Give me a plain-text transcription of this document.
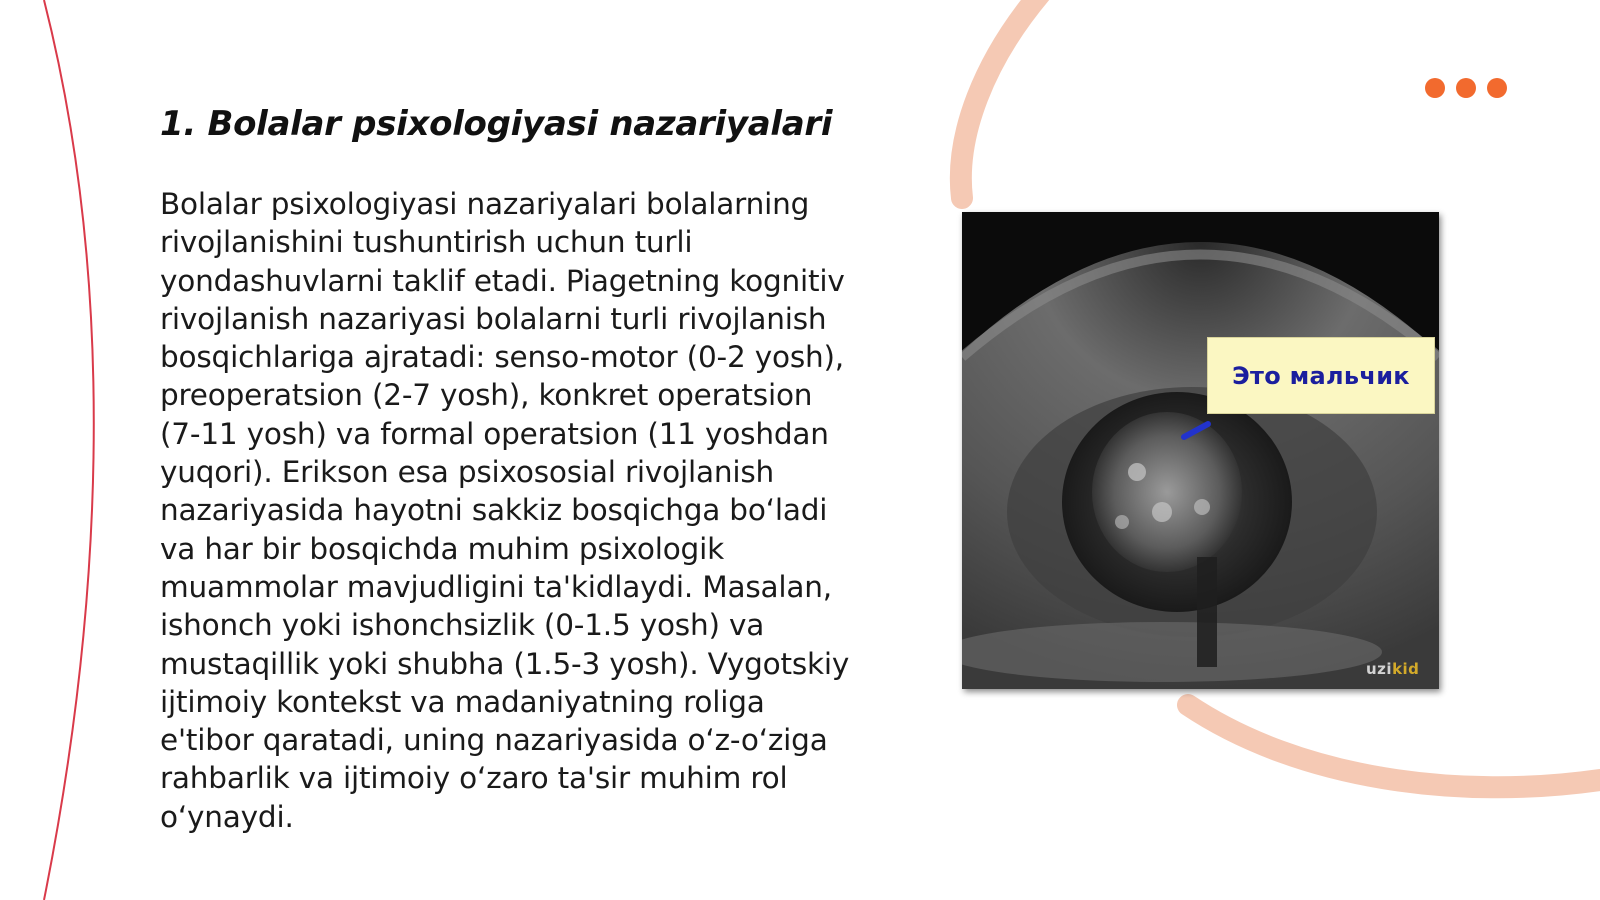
1. Bolalar psixologiyasi nazariyalari

Bolalar psixologiyasi nazariyalari bolalarning rivojlanishini tushuntirish uchun turli yondashuvlarni taklif etadi. Piagetning kognitiv rivojlanish nazariyasi bolalarni turli rivojlanish bosqichlariga ajratadi: senso-motor (0-2 yosh), preoperatsion (2-7 yosh), konkret operatsion (7-11 yosh) va formal operatsion (11 yoshdan yuqori). Erikson esa psixososial rivojlanish nazariyasida hayotni sakkiz bosqichga bo‘ladi va har bir bosqichda muhim psixologik muammolar mavjudligini ta'kidlaydi. Masalan, ishonch yoki ishonchsizlik (0-1.5 yosh) va mustaqillik yoki shubha (1.5-3 yosh). Vygotskiy ijtimoiy kontekst va madaniyatning roliga e'tibor qaratadi, uning nazariyasida o‘z-o‘ziga rahbarlik va ijtimoiy o‘zaro ta'sir muhim rol o‘ynaydi.

Это мальчик
uzikid
